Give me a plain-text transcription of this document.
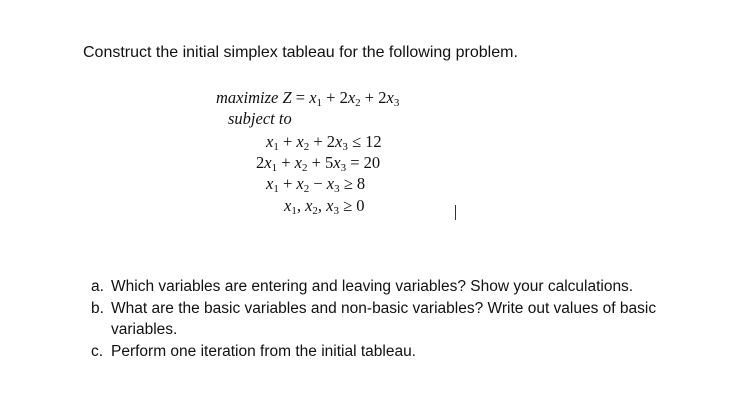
Construct the initial simplex tableau for the following problem.
maximize $Z = x_1 + 2x_2 + 2x_3$
subject to
$x_1 + x_2 + 2x_3 \le 12$
$2x_1 + x_2 + 5x_3 = 20$
$x_1 + x_2 - x_3 \ge 8$
$x_1$, $x_2$, $x_3 \ge 0$
a. Which variables are entering and leaving variables? Show your calculations.
b. What are the basic variables and non-basic variables? Write out values of basic
variables.
c. Perform one iteration from the initial tableau.
